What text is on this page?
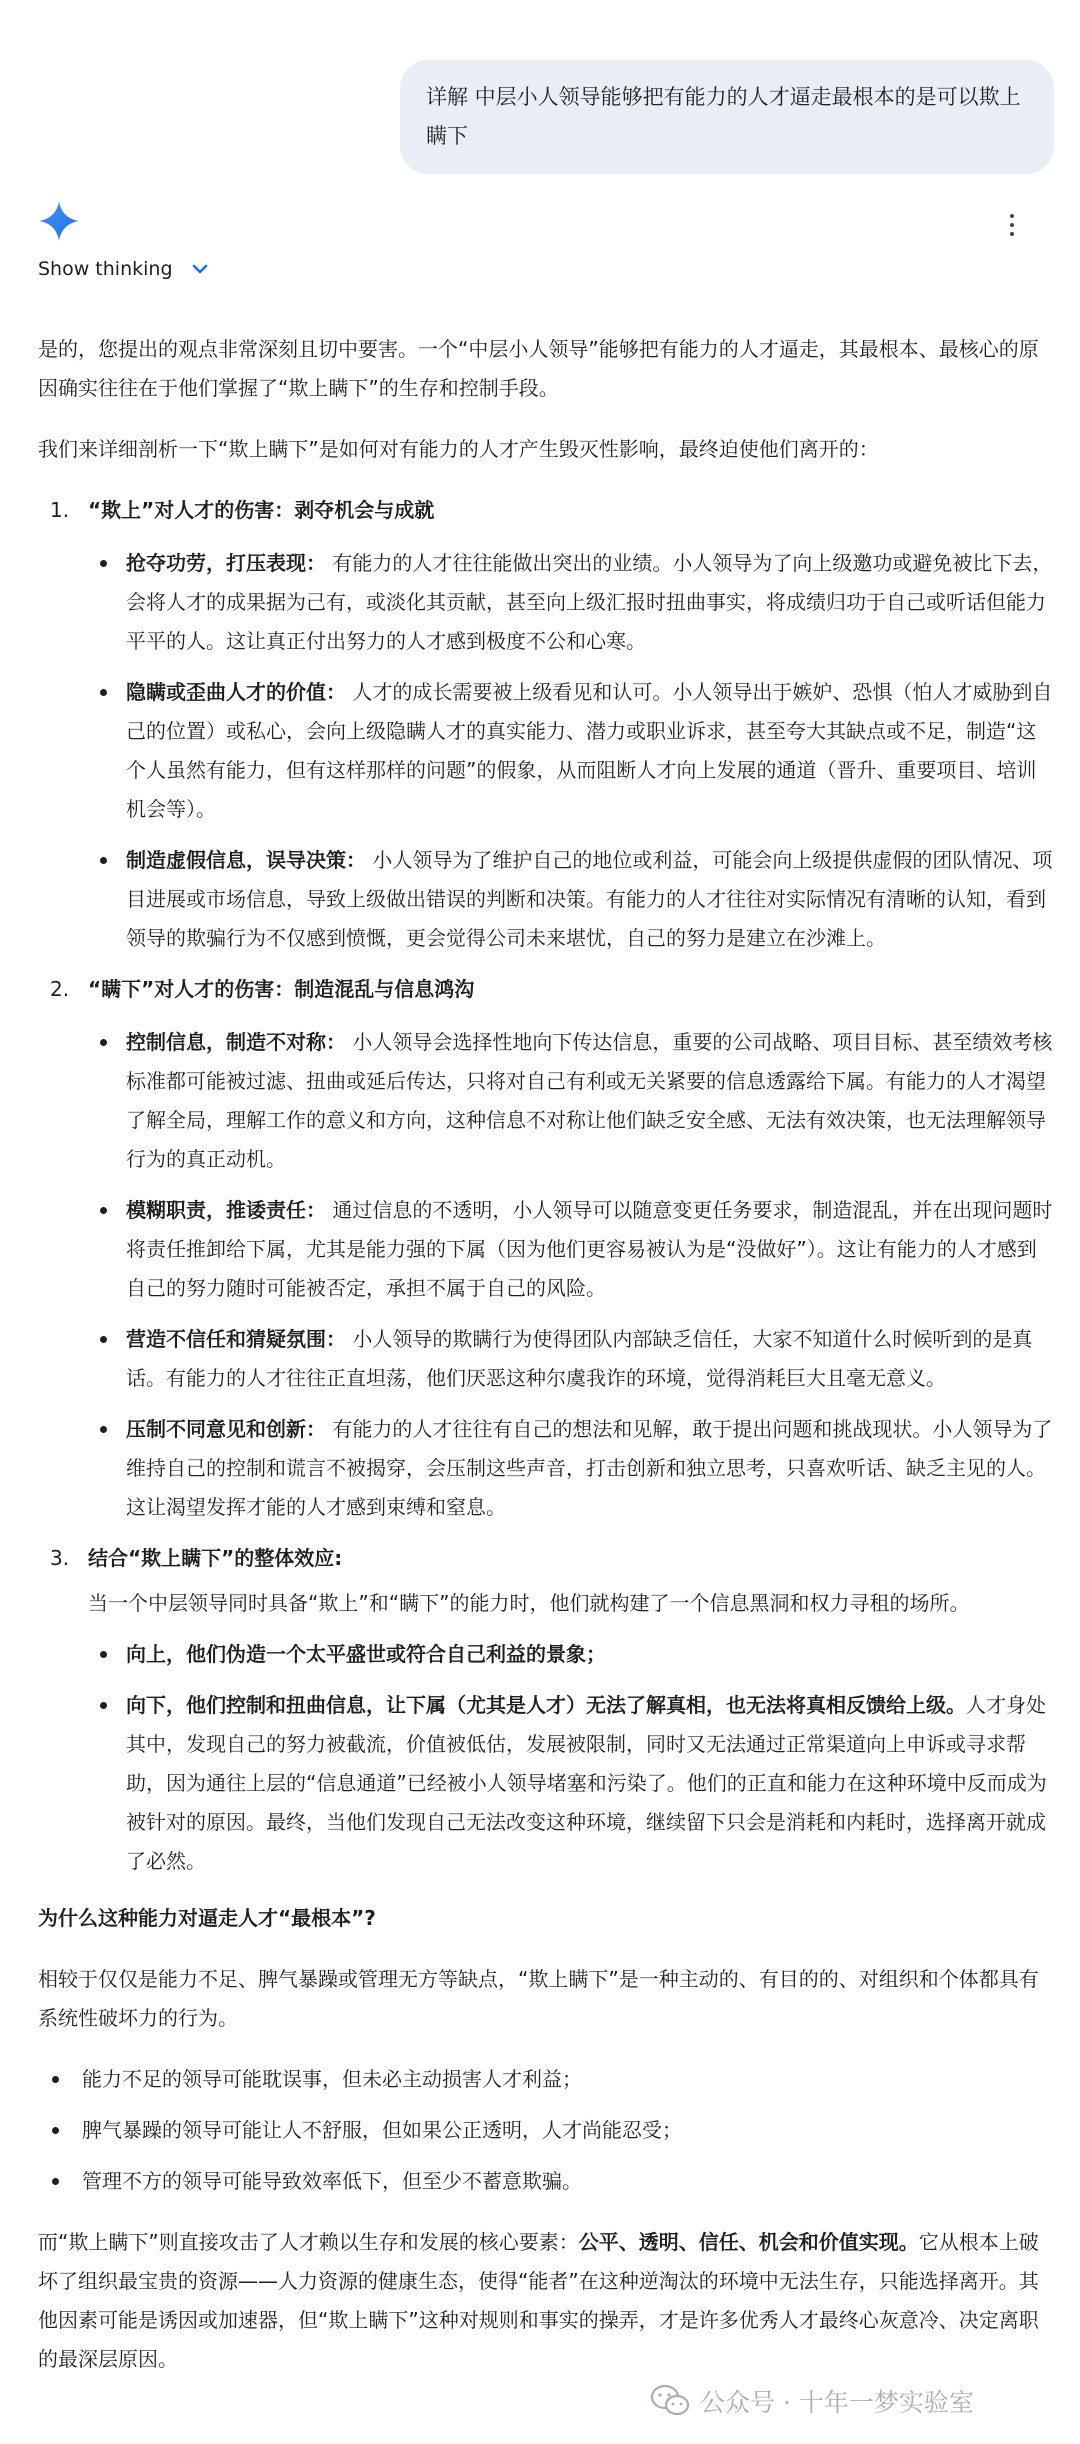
详解 中层小人领导能够把有能力的人才逼走最根本的是可以欺上瞒下
Show thinking

是的，您提出的观点非常深刻且切中要害。一个“中层小人领导”能够把有能力的人才逼走，其最根本、最核心的原因确实往往在于他们掌握了“欺上瞒下”的生存和控制手段。

我们来详细剖析一下“欺上瞒下”是如何对有能力的人才产生毁灭性影响，最终迫使他们离开的：

1. “欺上”对人才的伤害：剥夺机会与成就
抢夺功劳，打压表现： 有能力的人才往往能做出突出的业绩。小人领导为了向上级邀功或避免被比下去，会将人才的成果据为己有，或淡化其贡献，甚至向上级汇报时扭曲事实，将成绩归功于自己或听话但能力平平的人。这让真正付出努力的人才感到极度不公和心寒。
隐瞒或歪曲人才的价值： 人才的成长需要被上级看见和认可。小人领导出于嫉妒、恐惧（怕人才威胁到自己的位置）或私心，会向上级隐瞒人才的真实能力、潜力或职业诉求，甚至夸大其缺点或不足，制造“这个人虽然有能力，但有这样那样的问题”的假象，从而阻断人才向上发展的通道（晋升、重要项目、培训机会等）。
制造虚假信息，误导决策： 小人领导为了维护自己的地位或利益，可能会向上级提供虚假的团队情况、项目进展或市场信息，导致上级做出错误的判断和决策。有能力的人才往往对实际情况有清晰的认知，看到领导的欺骗行为不仅感到愤慨，更会觉得公司未来堪忧，自己的努力是建立在沙滩上。
2. “瞒下”对人才的伤害：制造混乱与信息鸿沟
控制信息，制造不对称： 小人领导会选择性地向下传达信息，重要的公司战略、项目目标、甚至绩效考核标准都可能被过滤、扭曲或延后传达，只将对自己有利或无关紧要的信息透露给下属。有能力的人才渴望了解全局，理解工作的意义和方向，这种信息不对称让他们缺乏安全感、无法有效决策，也无法理解领导行为的真正动机。
模糊职责，推诿责任： 通过信息的不透明，小人领导可以随意变更任务要求，制造混乱，并在出现问题时将责任推卸给下属，尤其是能力强的下属（因为他们更容易被认为是“没做好”）。这让有能力的人才感到自己的努力随时可能被否定，承担不属于自己的风险。
营造不信任和猜疑氛围： 小人领导的欺瞒行为使得团队内部缺乏信任，大家不知道什么时候听到的是真话。有能力的人才往往正直坦荡，他们厌恶这种尔虞我诈的环境，觉得消耗巨大且毫无意义。
压制不同意见和创新： 有能力的人才往往有自己的想法和见解，敢于提出问题和挑战现状。小人领导为了维持自己的控制和谎言不被揭穿，会压制这些声音，打击创新和独立思考，只喜欢听话、缺乏主见的人。这让渴望发挥才能的人才感到束缚和窒息。
3. 结合“欺上瞒下”的整体效应:
当一个中层领导同时具备“欺上”和“瞒下”的能力时，他们就构建了一个信息黑洞和权力寻租的场所。
向上，他们伪造一个太平盛世或符合自己利益的景象；
向下，他们控制和扭曲信息，让下属（尤其是人才）无法了解真相，也无法将真相反馈给上级。人才身处其中，发现自己的努力被截流，价值被低估，发展被限制，同时又无法通过正常渠道向上申诉或寻求帮助，因为通往上层的“信息通道”已经被小人领导堵塞和污染了。他们的正直和能力在这种环境中反而成为被针对的原因。最终，当他们发现自己无法改变这种环境，继续留下只会是消耗和内耗时，选择离开就成了必然。
为什么这种能力对逼走人才“最根本”?

相较于仅仅是能力不足、脾气暴躁或管理无方等缺点，“欺上瞒下”是一种主动的、有目的的、对组织和个体都具有系统性破坏力的行为。

能力不足的领导可能耽误事，但未必主动损害人才利益；
脾气暴躁的领导可能让人不舒服，但如果公正透明，人才尚能忍受；
管理不方的领导可能导致效率低下，但至少不蓄意欺骗。

而“欺上瞒下”则直接攻击了人才赖以生存和发展的核心要素：公平、透明、信任、机会和价值实现。它从根本上破坏了组织最宝贵的资源——人力资源的健康生态，使得“能者”在这种逆淘汰的环境中无法生存，只能选择离开。其他因素可能是诱因或加速器，但“欺上瞒下”这种对规则和事实的操弄，才是许多优秀人才最终心灰意冷、决定离职的最深层原因。

公众号 · 十年一梦实验室
